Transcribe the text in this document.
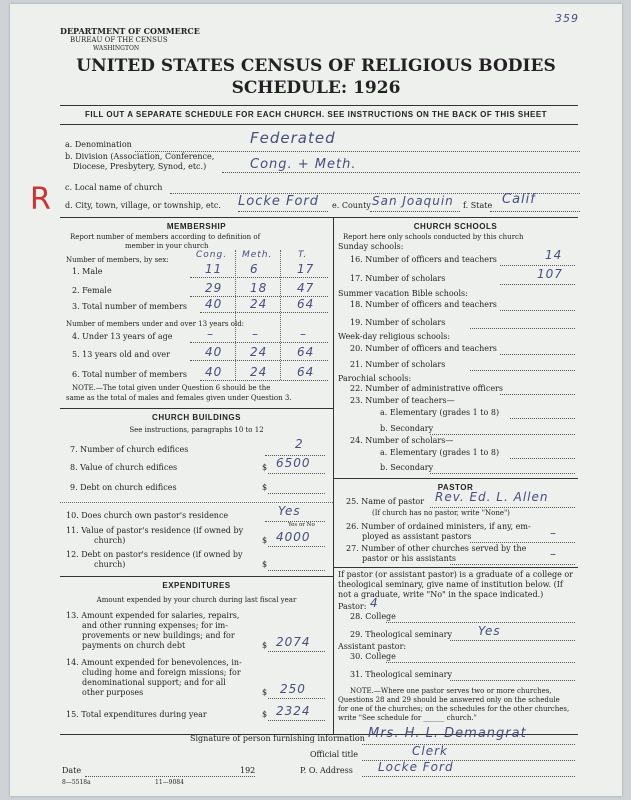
359
DEPARTMENT OF COMMERCE
BUREAU OF THE CENSUS
WASHINGTON
UNITED STATES CENSUS OF RELIGIOUS BODIES
SCHEDULE: 1926
FILL OUT A SEPARATE SCHEDULE FOR EACH CHURCH. SEE INSTRUCTIONS ON THE BACK OF THIS SHEET
a. Denomination	Federated
b. Division (Association, Conference,
Diocese, Presbytery, Synod, etc.)	Cong. + Meth.
R c. Local name of church
d. City, town, village, or township, etc. Locke Ford e. County San Joaquin f. State Calif
MEMBERSHIP
Report number of members according to definition of
member in your church
Cong. Meth.	T.
Number of members, by sex:
1. Male	11 6	17
2. Female	29 18 47
3. Total number of members 40 24 64
Number of members under and over 13 years old:
4. Under 13 years of age	–	–	–
5. 13 years old and over	40 24 64
6. Total number of members 40 24 64
NOTE.—The total given under Question 6 should be the
same as the total of males and females given under Question 3.
CHURCH BUILDINGS
See instructions, paragraphs 10 to 12
7. Number of church edifices	2
8. Value of church edifices	$ 6500
9. Debt on church edifices	$
10. Does church own pastor's residence	Yes
Yes or No
11. Value of pastor's residence (if owned by
church)	$ 4000
12. Debt on pastor's residence (if owned by
church)	$
EXPENDITURES
Amount expended by your church during last fiscal year
13. Amount expended for salaries, repairs,
and other running expenses; for im-
provements or new buildings; and for
payments on church debt	$ 2074
14. Amount expended for benevolences, in-
cluding home and foreign missions; for
denominational support; and for all
other purposes	$ 250
15. Total expenditures during year	$ 2324
CHURCH SCHOOLS
Report here only schools conducted by this church
Sunday schools:
16. Number of officers and teachers	14
17. Number of scholars	107
Summer vacation Bible schools:
18. Number of officers and teachers
19. Number of scholars
Week-day religious schools:
20. Number of officers and teachers
21. Number of scholars
Parochial schools:
22. Number of administrative officers
23. Number of teachers—
a. Elementary (grades 1 to 8)
b. Secondary
24. Number of scholars—
a. Elementary (grades 1 to 8)
b. Secondary
PASTOR
25. Name of pastor Rev. Ed. L. Allen
(If church has no pastor, write "None")
26. Number of ordained ministers, if any, em-
ployed as assistant pastors	–
27. Number of other churches served by the
pastor or his assistants	–
If pastor (or assistant pastor) is a graduate of a college or
theological seminary, give name of institution below. (If
not a graduate, write "No" in the space indicated.)
Pastor: 4
28. College
29. Theological seminary Yes
Assistant pastor:
30. College
31. Theological seminary
NOTE.—Where one pastor serves two or more churches,
Questions 28 and 29 should be answered only on the schedule
for one of the churches; on the schedules for the other churches,
write "See schedule for ______ church."
Signature of person furnishing information Mrs. H. L. Demangrat
Official title	Clerk
Date	192	P. O. Address Locke Ford
8—5518a	11—9084
